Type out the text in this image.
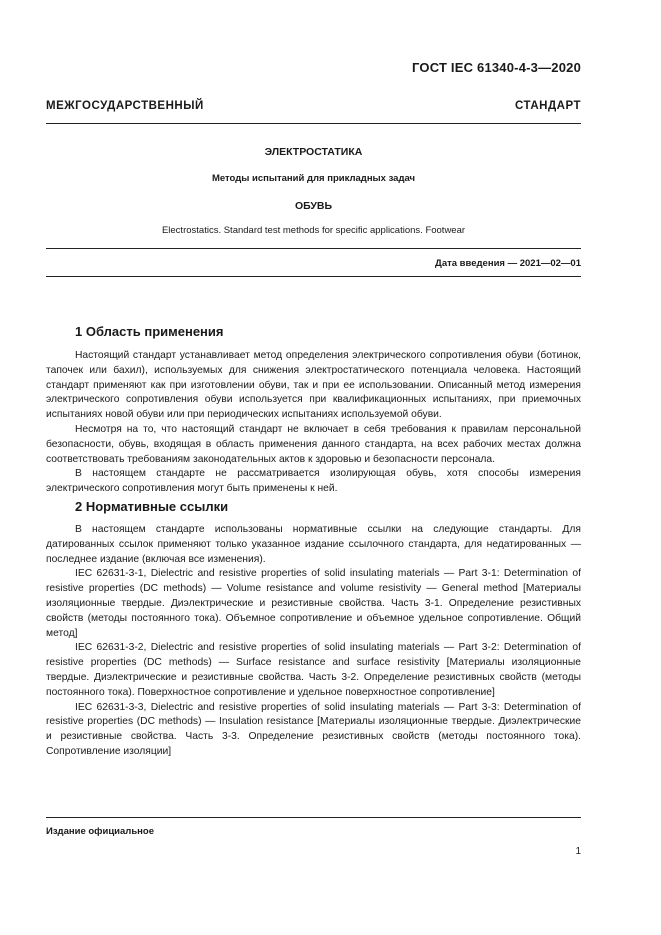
ГОСТ IEC 61340-4-3—2020
МЕЖГОСУДАРСТВЕННЫЙ СТАНДАРТ
ЭЛЕКТРОСТАТИКА
Методы испытаний для прикладных задач
ОБУВЬ
Electrostatics. Standard test methods for specific applications. Footwear
Дата введения — 2021—02—01
1 Область применения

Настоящий стандарт устанавливает метод определения электрического сопротивления обуви (ботинок, тапочек или бахил), используемых для снижения электростатического потенциала человека. Настоящий стандарт применяют как при изготовлении обуви, так и при ее использовании. Описанный метод измерения электрического сопротивления обуви используется при квалификационных испытаниях, при приемочных испытаниях новой обуви или при периодических испытаниях используемой обуви.

Несмотря на то, что настоящий стандарт не включает в себя требования к правилам персональной безопасности, обувь, входящая в область применения данного стандарта, на всех рабочих местах должна соответствовать требованиям законодательных актов к здоровью и безопасности персонала.

В настоящем стандарте не рассматривается изолирующая обувь, хотя способы измерения электрического сопротивления могут быть применены к ней.

2 Нормативные ссылки

В настоящем стандарте использованы нормативные ссылки на следующие стандарты. Для датированных ссылок применяют только указанное издание ссылочного стандарта, для недатированных — последнее издание (включая все изменения).

IEC 62631-3-1, Dielectric and resistive properties of solid insulating materials — Part 3-1: Determination of resistive properties (DC methods) — Volume resistance and volume resistivity — General method [Материалы изоляционные твердые. Диэлектрические и резистивные свойства. Часть 3-1. Определение резистивных свойств (методы постоянного тока). Объемное сопротивление и объемное удельное сопротивление. Общий метод]

IEC 62631-3-2, Dielectric and resistive properties of solid insulating materials — Part 3-2: Determination of resistive properties (DC methods) — Surface resistance and surface resistivity [Материалы изоляционные твердые. Диэлектрические и резистивные свойства. Часть 3-2. Определение резистивных свойств (методы постоянного тока). Поверхностное сопротивление и удельное поверхностное сопротивление]

IEC 62631-3-3, Dielectric and resistive properties of solid insulating materials — Part 3-3: Determination of resistive properties (DC methods) — Insulation resistance [Материалы изоляционные твердые. Диэлектрические и резистивные свойства. Часть 3-3. Определение резистивных свойств (методы постоянного тока). Сопротивление изоляции]

Издание официальное
1
